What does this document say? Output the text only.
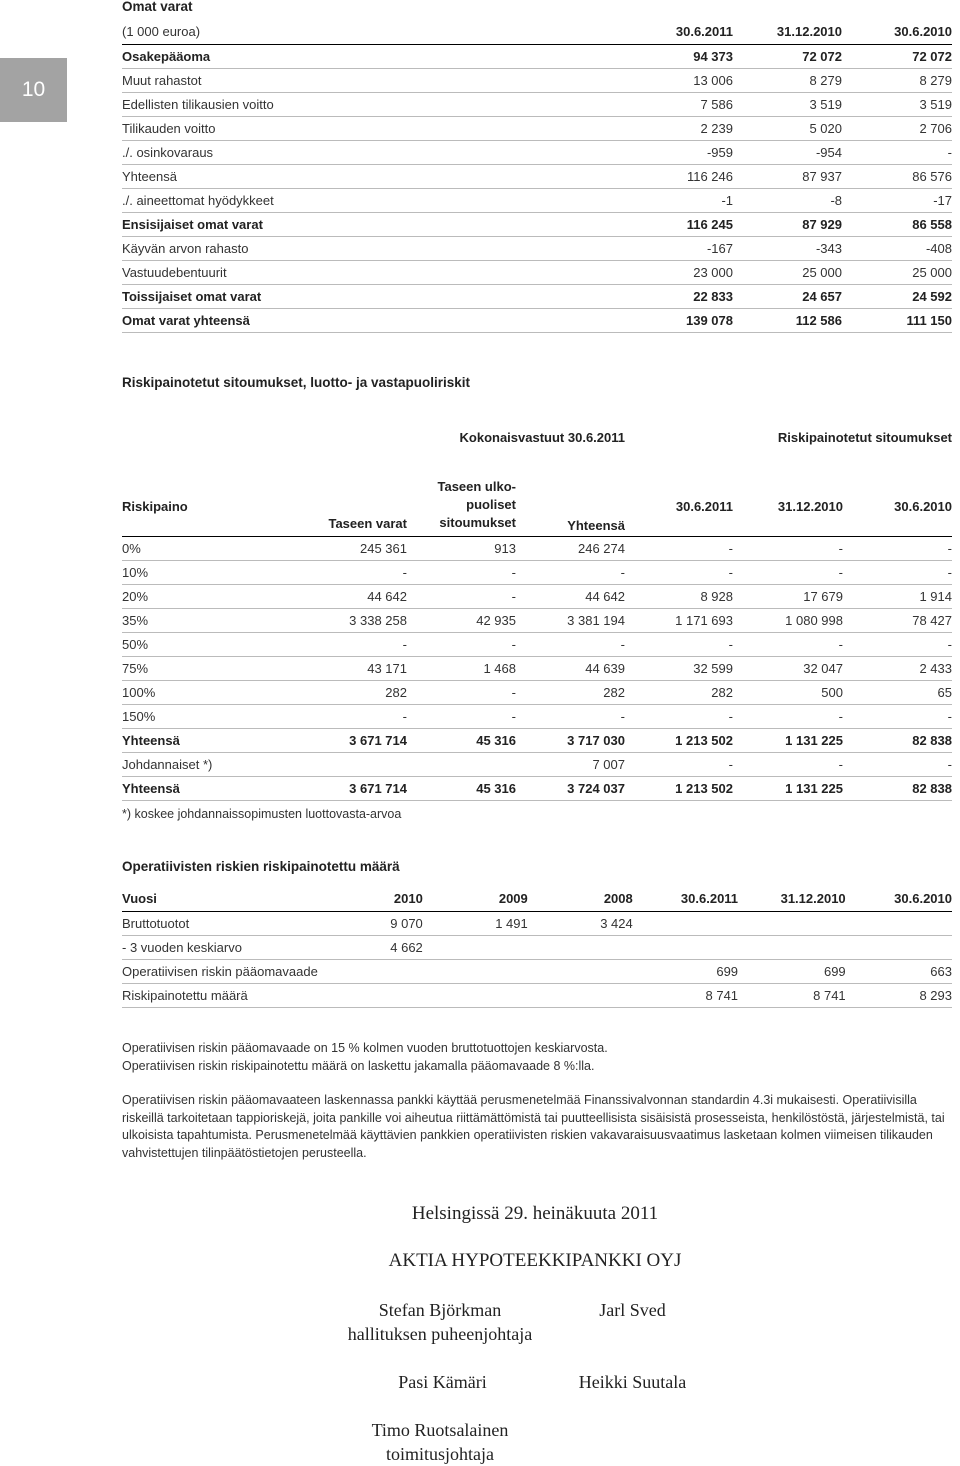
10
Omat varat
(1 000 euroa)	30.6.2011	31.12.2010	30.6.2010
Osakepääoma	94 373	72 072	72 072
Muut rahastot	13 006	8 279	8 279
Edellisten tilikausien voitto	7 586	3 519	3 519
Tilikauden voitto	2 239	5 020	2 706
./. osinkovaraus	-959	-954	-
Yhteensä	116 246	87 937	86 576
./. aineettomat hyödykkeet	-1	-8	-17
Ensisijaiset omat varat	116 245	87 929	86 558
Käyvän arvon rahasto	-167	-343	-408
Vastuudebentuurit	23 000	25 000	25 000
Toissijaiset omat varat	22 833	24 657	24 592
Omat varat yhteensä	139 078	112 586	111 150
Riskipainotetut sitoumukset, luotto- ja vastapuoliriskit
Kokonaisvastuut 30.6.2011	Riskipainotetut sitoumukset
Riskipaino	Taseen varat	Taseen ulko- puoliset sitoumukset	Yhteensä	30.6.2011	31.12.2010	30.6.2010
0%	245 361	913	246 274	-	-	-
10%	-	-	-	-	-	-
20%	44 642	-	44 642	8 928	17 679	1 914
35%	3 338 258	42 935	3 381 194	1 171 693	1 080 998	78 427
50%	-	-	-	-	-	-
75%	43 171	1 468	44 639	32 599	32 047	2 433
100%	282	-	282	282	500	65
150%	-	-	-	-	-	-
Yhteensä	3 671 714	45 316	3 717 030	1 213 502	1 131 225	82 838
Johdannaiset *)			7 007	-	-	-
Yhteensä	3 671 714	45 316	3 724 037	1 213 502	1 131 225	82 838
*) koskee johdannaissopimusten luottovasta-arvoa
Operatiivisten riskien riskipainotettu määrä
Vuosi	2010	2009	2008	30.6.2011	31.12.2010	30.6.2010
Bruttotuotot	9 070	1 491	3 424			
- 3 vuoden keskiarvo	4 662					
Operatiivisen riskin pääomavaade				699	699	663
Riskipainotettu määrä				8 741	8 741	8 293
Operatiivisen riskin pääomavaade on 15 % kolmen vuoden bruttotuottojen keskiarvosta.
Operatiivisen riskin riskipainotettu määrä on laskettu jakamalla pääomavaade 8 %:lla.
Operatiivisen riskin pääomavaateen laskennassa pankki käyttää perusmenetelmää Finanssivalvonnan standardin 4.3i mukaisesti. Operatiivisilla riskeillä tarkoitetaan tappioriskejä, joita pankille voi aiheutua riittämättömistä tai puutteellisista sisäisistä prosesseista, henkilöstöstä, järjestelmistä, tai ulkoisista tapahtumista. Perusmenetelmää käyttävien pankkien operatiivisten riskien vakavaraisuusvaatimus lasketaan kolmen viimeisen tilikauden vahvistettujen tilinpäätöstietojen perusteella.
Helsingissä 29. heinäkuuta 2011
AKTIA HYPOTEEKKIPANKKI OYJ
Stefan Björkman
hallituksen puheenjohtaja
Jarl Sved
Pasi Kämäri	Heikki Suutala
Timo Ruotsalainen
toimitusjohtaja
